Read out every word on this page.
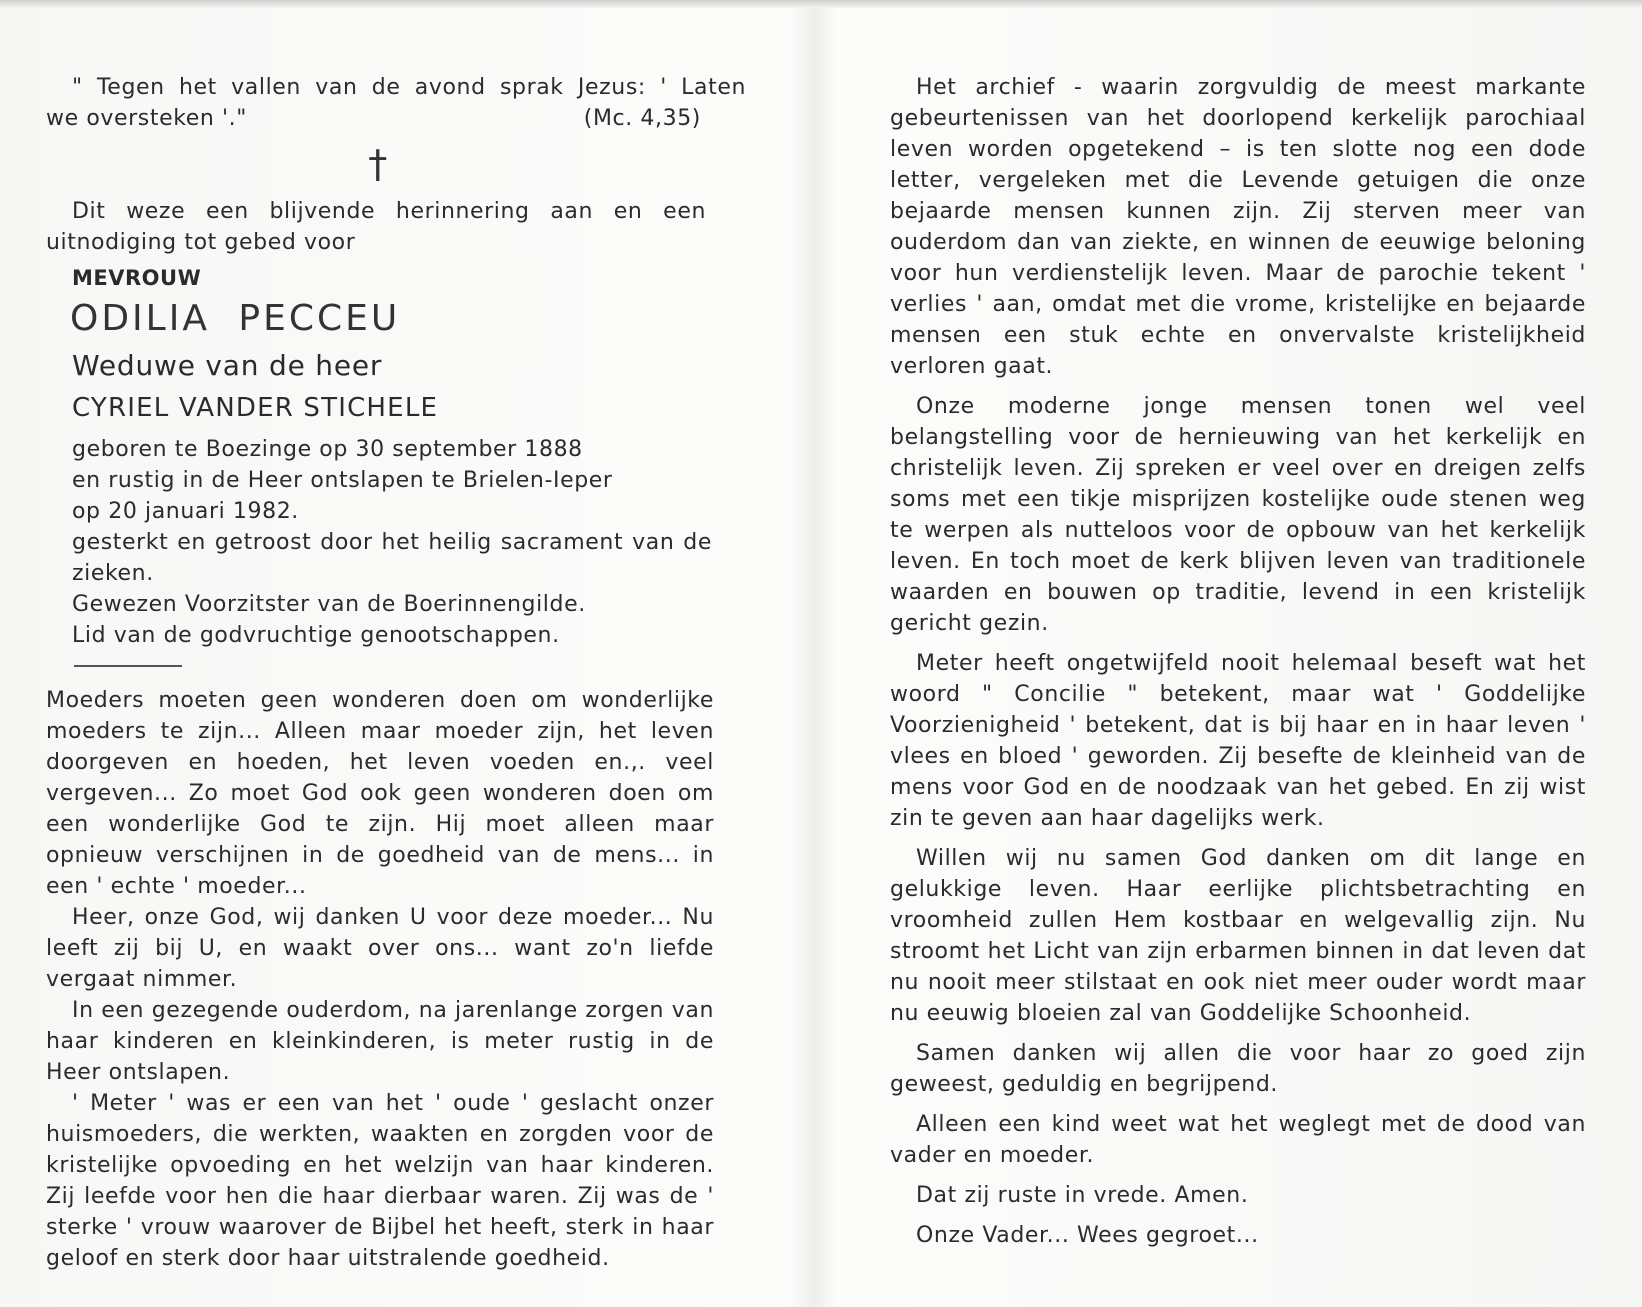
" Tegen het vallen van de avond sprak Jezus: ' Laten

we oversteken '."	(Mc. 4,35)
†

Dit weze een blijvende herinnering aan en een uitnodiging tot gebed voor

MEVROUW
ODILIA PECCEU
Weduwe van de heer
CYRIEL VANDER STICHELE
geboren te Boezinge op 30 september 1888
en rustig in de Heer ontslapen te Brielen-Ieper
op 20 januari 1982.

gesterkt en getroost door het heilig sacrament van de zieken.

Gewezen Voorzitster van de Boerinnengilde.
Lid van de godvruchtige genootschappen.

Moeders moeten geen wonderen doen om wonderlijke moeders te zijn... Alleen maar moeder zijn, het leven doorgeven en hoeden, het leven voeden en.,. veel vergeven... Zo moet God ook geen wonderen doen om een wonderlijke God te zijn. Hij moet alleen maar opnieuw verschijnen in de goedheid van de mens... in een ' echte ' moeder...

Heer, onze God, wij danken U voor deze moeder... Nu leeft zij bij U, en waakt over ons... want zo'n liefde vergaat nimmer.

In een gezegende ouderdom, na jarenlange zorgen van haar kinderen en kleinkinderen, is meter rustig in de Heer ontslapen.

' Meter ' was er een van het ' oude ' geslacht onzer huismoeders, die werkten, waakten en zorgden voor de kristelijke opvoeding en het welzijn van haar kinderen. Zij leefde voor hen die haar dierbaar waren. Zij was de ' sterke ' vrouw waarover de Bijbel het heeft, sterk in haar geloof en sterk door haar uitstralende goedheid.

Het archief - waarin zorgvuldig de meest markante gebeurtenissen van het doorlopend kerkelijk parochiaal leven worden opgetekend – is ten slotte nog een dode letter, vergeleken met die Levende getuigen die onze bejaarde mensen kunnen zijn. Zij sterven meer van ouderdom dan van ziekte, en winnen de eeuwige beloning voor hun verdienstelijk leven. Maar de parochie tekent ' verlies ' aan, omdat met die vrome, kristelijke en bejaarde mensen een stuk echte en onvervalste kristelijkheid verloren gaat.

Onze moderne jonge mensen tonen wel veel belangstelling voor de hernieuwing van het kerkelijk en christelijk leven. Zij spreken er veel over en dreigen zelfs soms met een tikje misprijzen kostelijke oude stenen weg te werpen als nutteloos voor de opbouw van het kerkelijk leven. En toch moet de kerk blijven leven van traditionele waarden en bouwen op traditie, levend in een kristelijk gericht gezin.

Meter heeft ongetwijfeld nooit helemaal beseft wat het woord " Concilie " betekent, maar wat ' Goddelijke Voorzienigheid ' betekent, dat is bij haar en in haar leven ' vlees en bloed ' geworden. Zij besefte de kleinheid van de mens voor God en de noodzaak van het gebed. En zij wist zin te geven aan haar dagelijks werk.

Willen wij nu samen God danken om dit lange en gelukkige leven. Haar eerlijke plichtsbetrachting en vroomheid zullen Hem kostbaar en welgevallig zijn. Nu stroomt het Licht van zijn erbarmen binnen in dat leven dat nu nooit meer stilstaat en ook niet meer ouder wordt maar nu eeuwig bloeien zal van Goddelijke Schoonheid.

Samen danken wij allen die voor haar zo goed zijn geweest, geduldig en begrijpend.

Alleen een kind weet wat het weglegt met de dood van vader en moeder.

Dat zij ruste in vrede. Amen.

Onze Vader... Wees gegroet...
